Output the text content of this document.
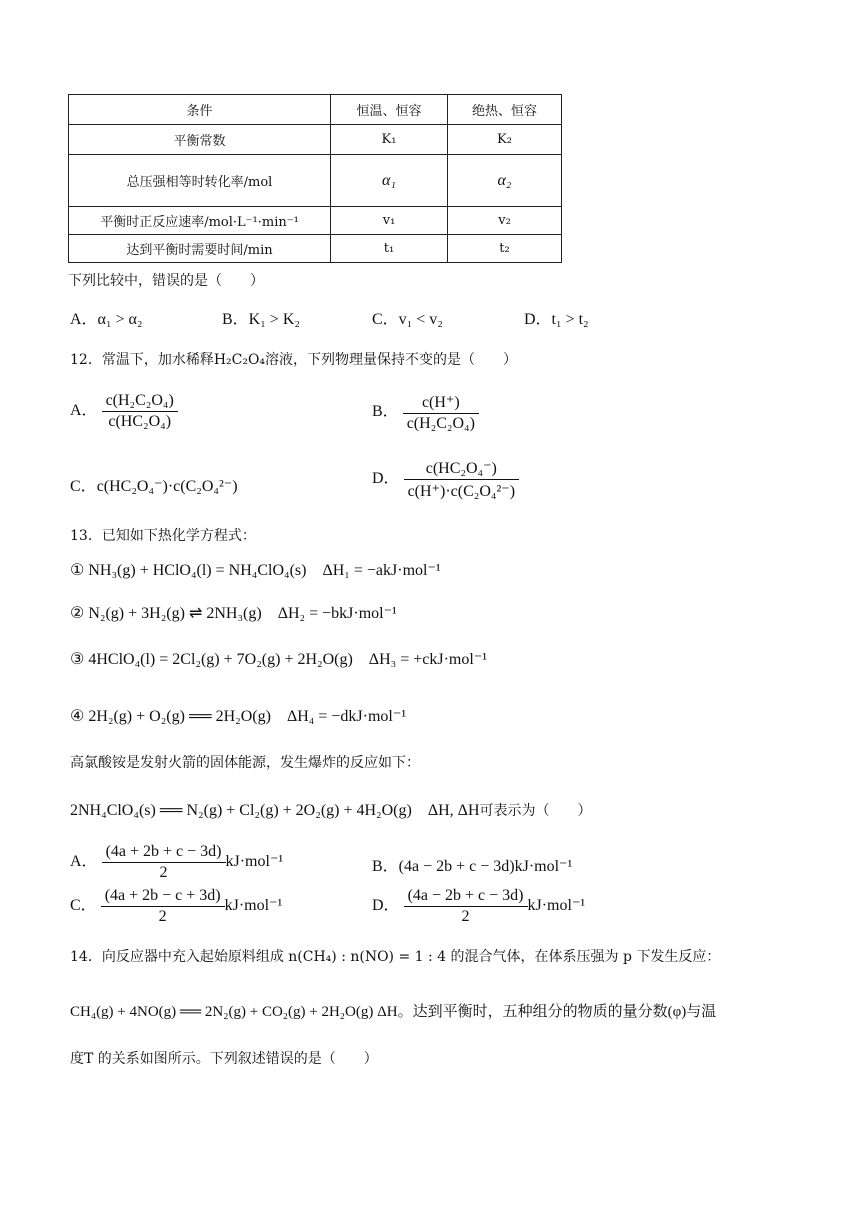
条件	恒温、恒容	绝热、恒容
平衡常数	K₁	K₂
总压强相等时转化率/mol	α₁	α₂
平衡时正反应速率/mol·L⁻¹·min⁻¹	v₁	v₂
达到平衡时需要时间/min	t₁	t₂
下列比较中，错误的是（　　）
A．α₁ > α₂	B．K₁ > K₂	C．v₁ < v₂	D．t₁ > t₂
12．常温下，加水稀释H₂C₂O₄溶液，下列物理量保持不变的是（　　）
A． $\frac{\text{c(H₂C₂O₄)}}{\text{c(HC₂O₄)}}$	B． $\frac{c(H^+)}{\text{c(H₂C₂O₄)}}$
C．c(HC₂O₄⁻)·c(C₂O₄²⁻)	D． $\frac{\text{c(HC₂O₄⁻)}}{\text{c(H⁺)·c(C₂O₄²⁻)}}$
13．已知如下热化学方程式：
① NH₃(g) + HClO₄(l) = NH₄ClO₄(s)　ΔH₁ = −akJ·mol⁻¹
② N₂(g) + 3H₂(g) ⇌ 2NH₃(g)　ΔH₂ = −bkJ·mol⁻¹
③ 4HClO₄(l) = 2Cl₂(g) + 7O₂(g) + 2H₂O(g)　ΔH₃ = +ckJ·mol⁻¹
④ 2H₂(g) + O₂(g) ══ 2H₂O(g)　ΔH₄ = −dkJ·mol⁻¹
高氯酸铵是发射火箭的固体能源，发生爆炸的反应如下：
2NH₄ClO₄(s) ══ N₂(g) + Cl₂(g) + 2O₂(g) + 4H₂O(g)　ΔH, ΔH可表示为（　　）
A． $\frac{(4a + 2b + c - 3d)}{2} kJ\cdot mol^{-1}$	B．(4a − 2b + c − 3d)kJ·mol⁻¹
C． $\frac{(4a + 2b - c + 3d)}{2} kJ\cdot mol^{-1}$	D． $\frac{(4a - 2b + c - 3d)}{2} kJ\cdot mol^{-1}$
14．向反应器中充入起始原料组成 n(CH₄) : n(NO) = 1 : 4 的混合气体，在体系压强为 p 下发生反应：
CH₄(g) + 4NO(g) ══ 2N₂(g) + CO₂(g) + 2H₂O(g) ΔH。达到平衡时，五种组分的物质的量分数(φ)与温
度T 的关系如图所示。下列叙述错误的是（　　）
